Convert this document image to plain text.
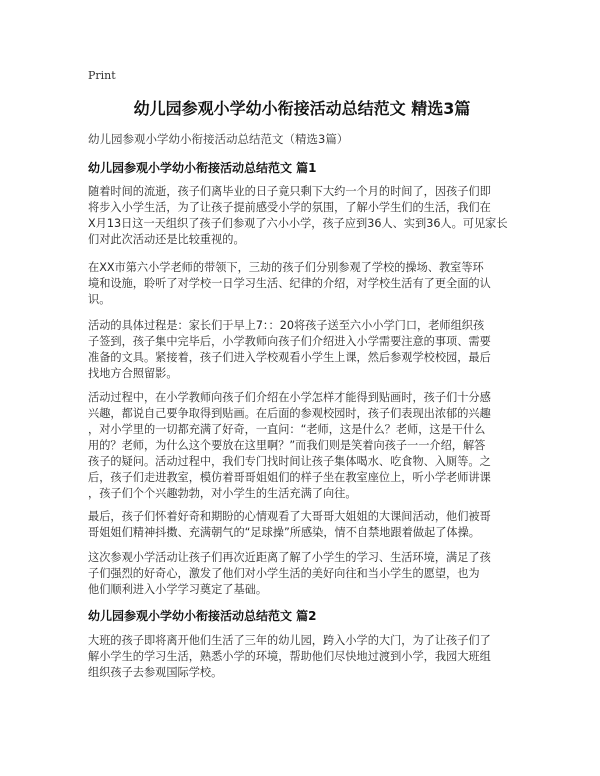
Print
幼儿园参观小学幼小衔接活动总结范文 精选3篇
幼儿园参观小学幼小衔接活动总结范文（精选3篇）
幼儿园参观小学幼小衔接活动总结范文 篇1
随着时间的流逝，孩子们离毕业的日子竟只剩下大约一个月的时间了，因孩子们即
将步入小学生活，为了让孩子提前感受小学的氛围，了解小学生们的生活，我们在
X月13日这一天组织了孩子们参观了六小小学，孩子应到36人、实到36人。可见家长
们对此次活动还是比较重视的。
在XX市第六小学老师的带领下，三劫的孩子们分别参观了学校的操场、教室等环
境和设施，聆听了对学校一日学习生活、纪律的介绍，对学校生活有了更全面的认
识。
活动的具体过程是：家长们于早上7：：20将孩子送至六小小学门口，老师组织孩
子签到，孩子集中完毕后，小学教师向孩子们介绍进入小学需要注意的事项、需要
准备的文具。紧接着，孩子们进入学校观看小学生上课，然后参观学校校园，最后
找地方合照留影。
活动过程中，在小学教师向孩子们介绍在小学怎样才能得到贴画时，孩子们十分感
兴趣，都说自己要争取得到贴画。在后面的参观校园时，孩子们表现出浓郁的兴趣
，对小学里的一切都充满了好奇，一直问：“老师，这是什么？老师，这是干什么
用的？老师，为什么这个要放在这里啊？”而我们则是笑着向孩子一一介绍，解答
孩子的疑问。活动过程中，我们专门找时间让孩子集体喝水、吃食物、入厕等。之
后，孩子们走进教室，模仿着哥哥姐姐们的样子坐在教室座位上，听小学老师讲课
，孩子们个个兴趣勃勃，对小学生的生活充满了向往。
最后，孩子们怀着好奇和期盼的心情观看了大哥哥大姐姐的大课间活动，他们被哥
哥姐姐们精神抖擞、充满朝气的“足球操”所感染，情不自禁地跟着做起了体操。
这次参观小学活动让孩子们再次近距离了解了小学生的学习、生活环境，满足了孩
子们强烈的好奇心，激发了他们对小学生活的美好向往和当小学生的愿望，也为
他们顺利进入小学学习奠定了基础。
幼儿园参观小学幼小衔接活动总结范文 篇2
大班的孩子即将离开他们生活了三年的幼儿园，跨入小学的大门，为了让孩子们了
解小学生的学习生活，熟悉小学的环境，帮助他们尽快地过渡到小学，我园大班组
组织孩子去参观国际学校。
